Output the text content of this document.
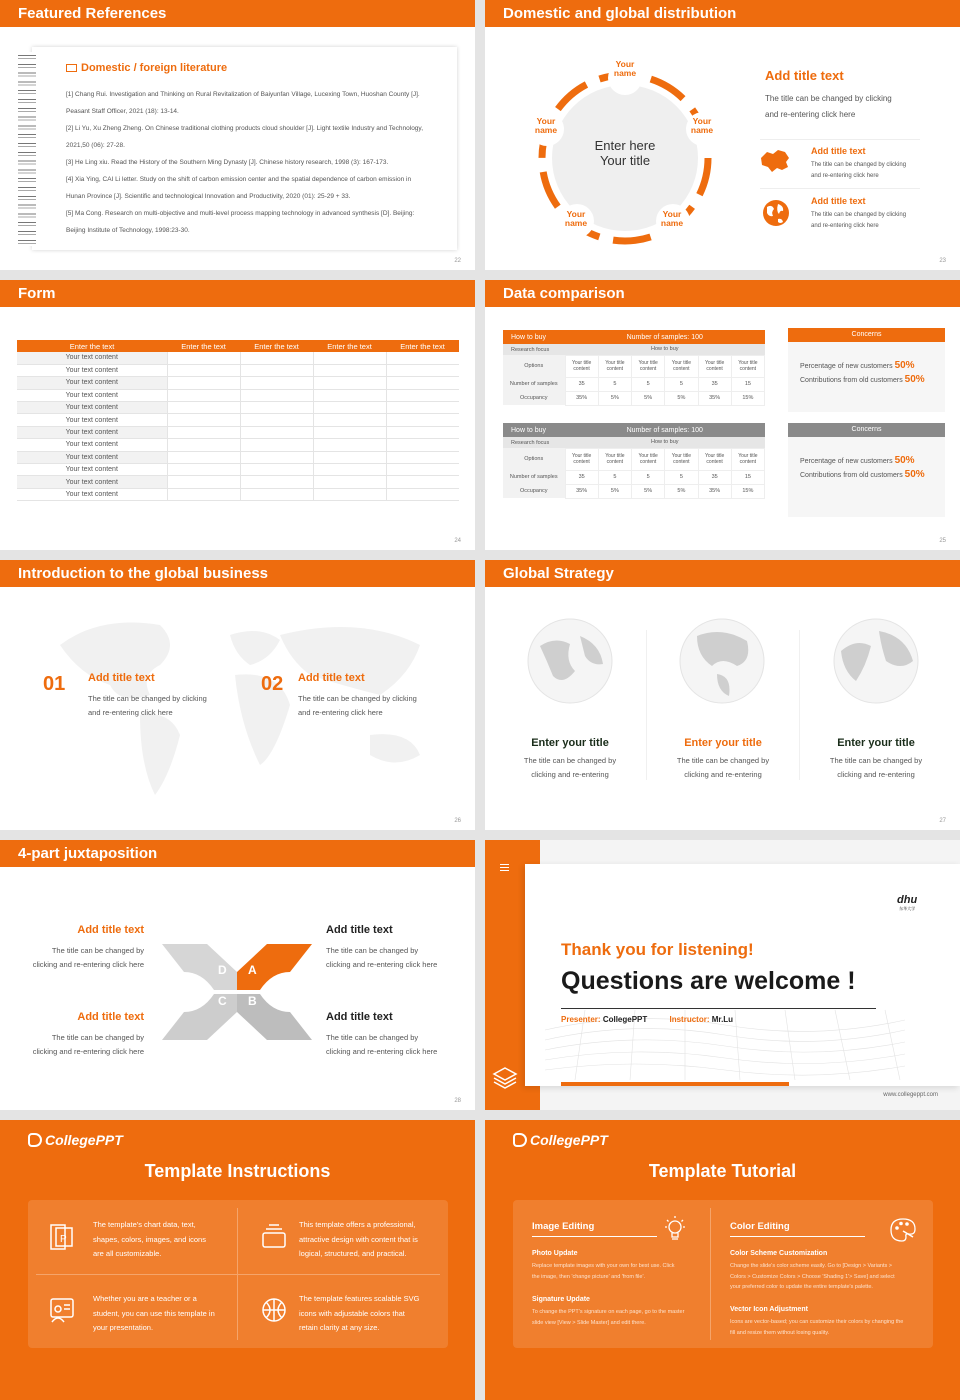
Featured References
Domestic / foreign literature
[1] Chang Rui. Investigation and Thinking on Rural Revitalization of Baiyunfan Village, Lucexing Town, Huoshan County [J].
Peasant Staff Officer, 2021 (18): 13-14.
[2] Li Yu, Xu Zheng Zheng. On Chinese traditional clothing products cloud shoulder [J]. Light textile Industry and Technology,
2021,50 (06): 27-28.
[3] He Ling xiu. Read the History of the Southern Ming Dynasty [J]. Chinese history research, 1998 (3): 167-173.
[4] Xia Ying, CAI Li letter. Study on the shift of carbon emission center and the spatial dependence of carbon emission in
Hunan Province [J]. Scientific and technological Innovation and Productivity, 2020 (01): 25-29 + 33.
[5] Ma Cong. Research on multi-objective and multi-level process mapping technology in advanced synthesis [D]. Beijing:
Beijing Institute of Technology, 1998:23-30.
22
Domestic and global distribution
Enter here
Your title
Your
name
Your
name
Your
name
Your
name
Your
name
Add title text
The title can be changed by clicking
and re-entering click here
Add title text
The title can be changed by clicking
and re-entering click here
Add title text
The title can be changed by clicking
and re-entering click here
23
Form
Enter the text	Enter the text	Enter the text	Enter the text	Enter the text
Your text content				
Your text content				
Your text content				
Your text content				
Your text content				
Your text content				
Your text content				
Your text content				
Your text content				
Your text content				
Your text content				
Your text content				
24
Data comparison
How to buy	Number of samples: 100					
Research focus	How to buy					
Options	Your title content	Your title content	Your title content	Your title content	Your title content	Your title content
Number of samples	35	5	5	5	35	15
Occupancy	35%	5%	5%	5%	35%	15%
How to buy	Number of samples: 100					
Research focus	How to buy					
Options	Your title content	Your title content	Your title content	Your title content	Your title content	Your title content
Number of samples	35	5	5	5	35	15
Occupancy	35%	5%	5%	5%	35%	15%
Concerns
Percentage of new customers 50%
Contributions from old customers 50%
Concerns
Percentage of new customers 50%
Contributions from old customers 50%
25
Introduction to the global business
01 Add title text
The title can be changed by clicking
and re-entering click here
02 Add title text
The title can be changed by clicking
and re-entering click here
26
Global Strategy
Enter your title
The title can be changed by
clicking and re-entering
Enter your title
The title can be changed by
clicking and re-entering
Enter your title
The title can be changed by
clicking and re-entering
27
4-part juxtaposition
D A
C B
Add title text
The title can be changed by
clicking and re-entering click here
Add title text
The title can be changed by
clicking and re-entering click here
Add title text
The title can be changed by
clicking and re-entering click here
Add title text
The title can be changed by
clicking and re-entering click here
28
dhu
东华大学
Thank you for listening!
Questions are welcome !
Presenter: CollegePPT	Instructor: Mr.Lu
www.collegeppt.com
CollegePPT
Template Instructions
P
The template's chart data, text,
shapes, colors, images, and icons
are all customizable.
This template offers a professional,
attractive design with content that is
logical, structured, and practical.
Whether you are a teacher or a
student, you can use this template in
your presentation.
The template features scalable SVG
icons with adjustable colors that
retain clarity at any size.
CollegePPT
Template Tutorial
Image Editing
Photo Update
Replace template images with your own for best use. Click
the image, then 'change picture' and 'from file'.
Signature Update
To change the PPT's signature on each page, go to the master
slide view [View > Slide Master] and edit there.
Color Editing
Color Scheme Customization
Change the slide's color scheme easily. Go to [Design > Variants >
Colors > Customize Colors > Choose 'Shading 1'> Save] and select
your preferred color to update the entire template's palette.
Vector Icon Adjustment
Icons are vector-based; you can customize their colors by changing the
fill and resize them without losing quality.
